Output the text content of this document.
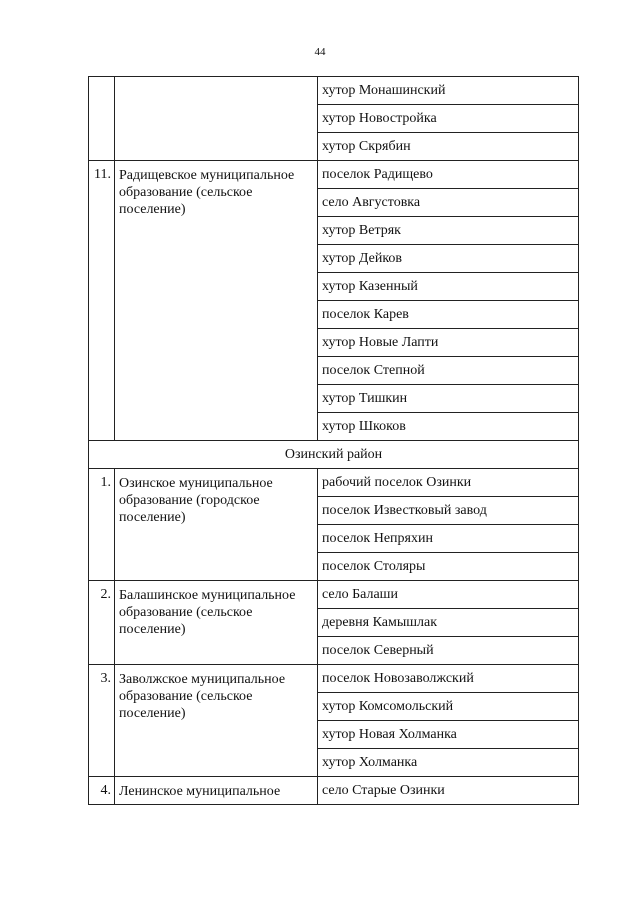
44
		хутор Монашинский
		хутор Новостройка
		хутор Скрябин
11.	Радищевское муниципальное образование (сельское поселение)	поселок Радищево
		село Августовка
		хутор Ветряк
		хутор Дейков
		хутор Казенный
		поселок Карев
		хутор Новые Лапти
		поселок Степной
		хутор Тишкин
		хутор Шкоков
Озинский район		
1.	Озинское муниципальное образование (городское поселение)	рабочий поселок Озинки
		поселок Известковый завод
		поселок Непряхин
		поселок Столяры
2.	Балашинское муниципальное образование (сельское поселение)	село Балаши
		деревня Камышлак
		поселок Северный
3.	Заволжское муниципальное образование (сельское поселение)	поселок Новозаволжский
		хутор Комсомольский
		хутор Новая Холманка
		хутор Холманка
4.	Ленинское муниципальное	село Старые Озинки
